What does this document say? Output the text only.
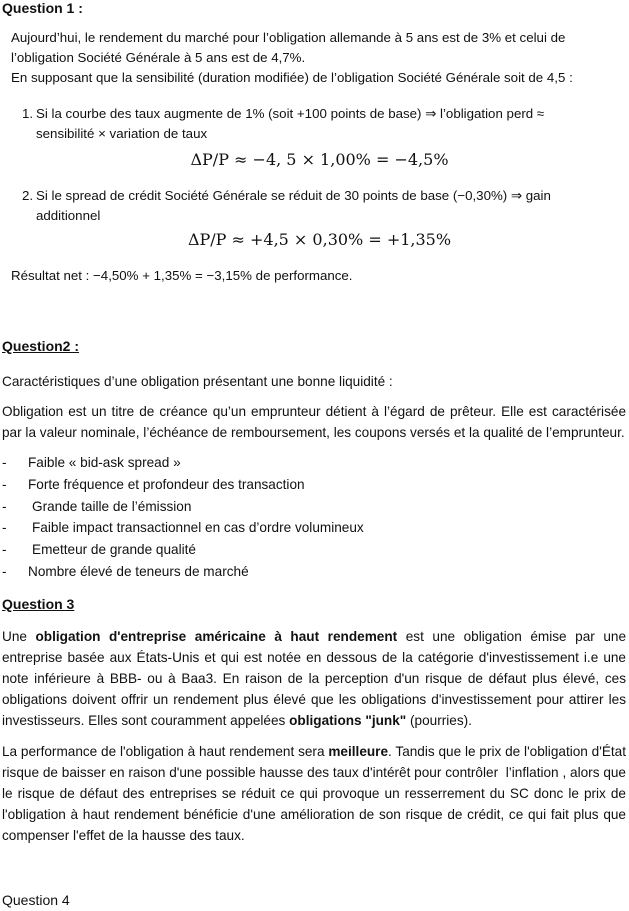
Question 1 :
Aujourd’hui, le rendement du marché pour l’obligation allemande à 5 ans est de 3% et celui de
l’obligation Société Générale à 5 ans est de 4,7%.
En supposant que la sensibilité (duration modifiée) de l’obligation Société Générale soit de 4,5 :
1. Si la courbe des taux augmente de 1% (soit +100 points de base) ⇒ l’obligation perd ≈
sensibilité × variation de taux
ΔP/P ≈ −4, 5 × 1,00% = −4,5%
2. Si le spread de crédit Société Générale se réduit de 30 points de base (−0,30%) ⇒ gain
additionnel
ΔP/P ≈ +4,5 × 0,30% = +1,35%
Résultat net : −4,50% + 1,35% = −3,15% de performance.
Question2 :
Caractéristiques d’une obligation présentant une bonne liquidité :
Obligation est un titre de créance qu’un emprunteur détient à l’égard de prêteur. Elle est caractérisée par la valeur nominale, l’échéance de remboursement, les coupons versés et la qualité de l’emprunteur.
- Faible « bid-ask spread »
- Forte fréquence et profondeur des transaction
- Grande taille de l’émission
- Faible impact transactionnel en cas d’ordre volumineux
- Emetteur de grande qualité
- Nombre élevé de teneurs de marché
Question 3
Une obligation d'entreprise américaine à haut rendement est une obligation émise par une entreprise basée aux États-Unis et qui est notée en dessous de la catégorie d'investissement i.e une note inférieure à BBB- ou à Baa3. En raison de la perception d'un risque de défaut plus élevé, ces obligations doivent offrir un rendement plus élevé que les obligations d'investissement pour attirer les investisseurs. Elles sont couramment appelées obligations "junk" (pourries).
La performance de l'obligation à haut rendement sera meilleure. Tandis que le prix de l'obligation d'État risque de baisser en raison d'une possible hausse des taux d'intérêt pour contrôler  l’inflation , alors que le risque de défaut des entreprises se réduit ce qui provoque un resserrement du SC donc le prix de l'obligation à haut rendement bénéficie d'une amélioration de son risque de crédit, ce qui fait plus que compenser l'effet de la hausse des taux.
Question 4
